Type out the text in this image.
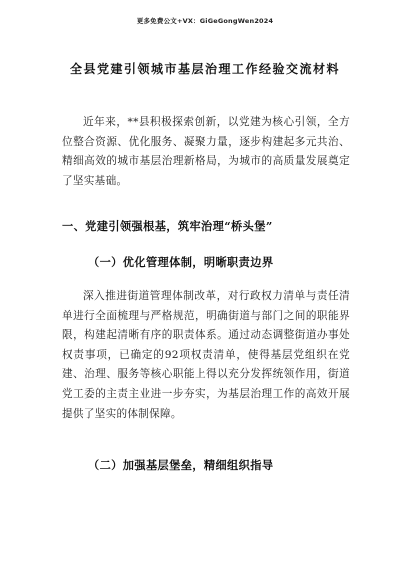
更多免费公文+VX：GiGeGongWen2024
全县党建引领城市基层治理工作经验交流材料
近年来，**县积极探索创新，以党建为核心引领，全方位整合资源、优化服务、凝聚力量，逐步构建起多元共治、精细高效的城市基层治理新格局，为城市的高质量发展奠定了坚实基础。
一、党建引领强根基，筑牢治理“桥头堡”
（一）优化管理体制，明晰职责边界
深入推进街道管理体制改革，对行政权力清单与责任清单进行全面梳理与严格规范，明确街道与部门之间的职能界限，构建起清晰有序的职责体系。通过动态调整街道办事处权责事项，已确定的92项权责清单，使得基层党组织在党建、治理、服务等核心职能上得以充分发挥统领作用，街道党工委的主责主业进一步夯实，为基层治理工作的高效开展提供了坚实的体制保障。
（二）加强基层堡垒，精细组织指导
